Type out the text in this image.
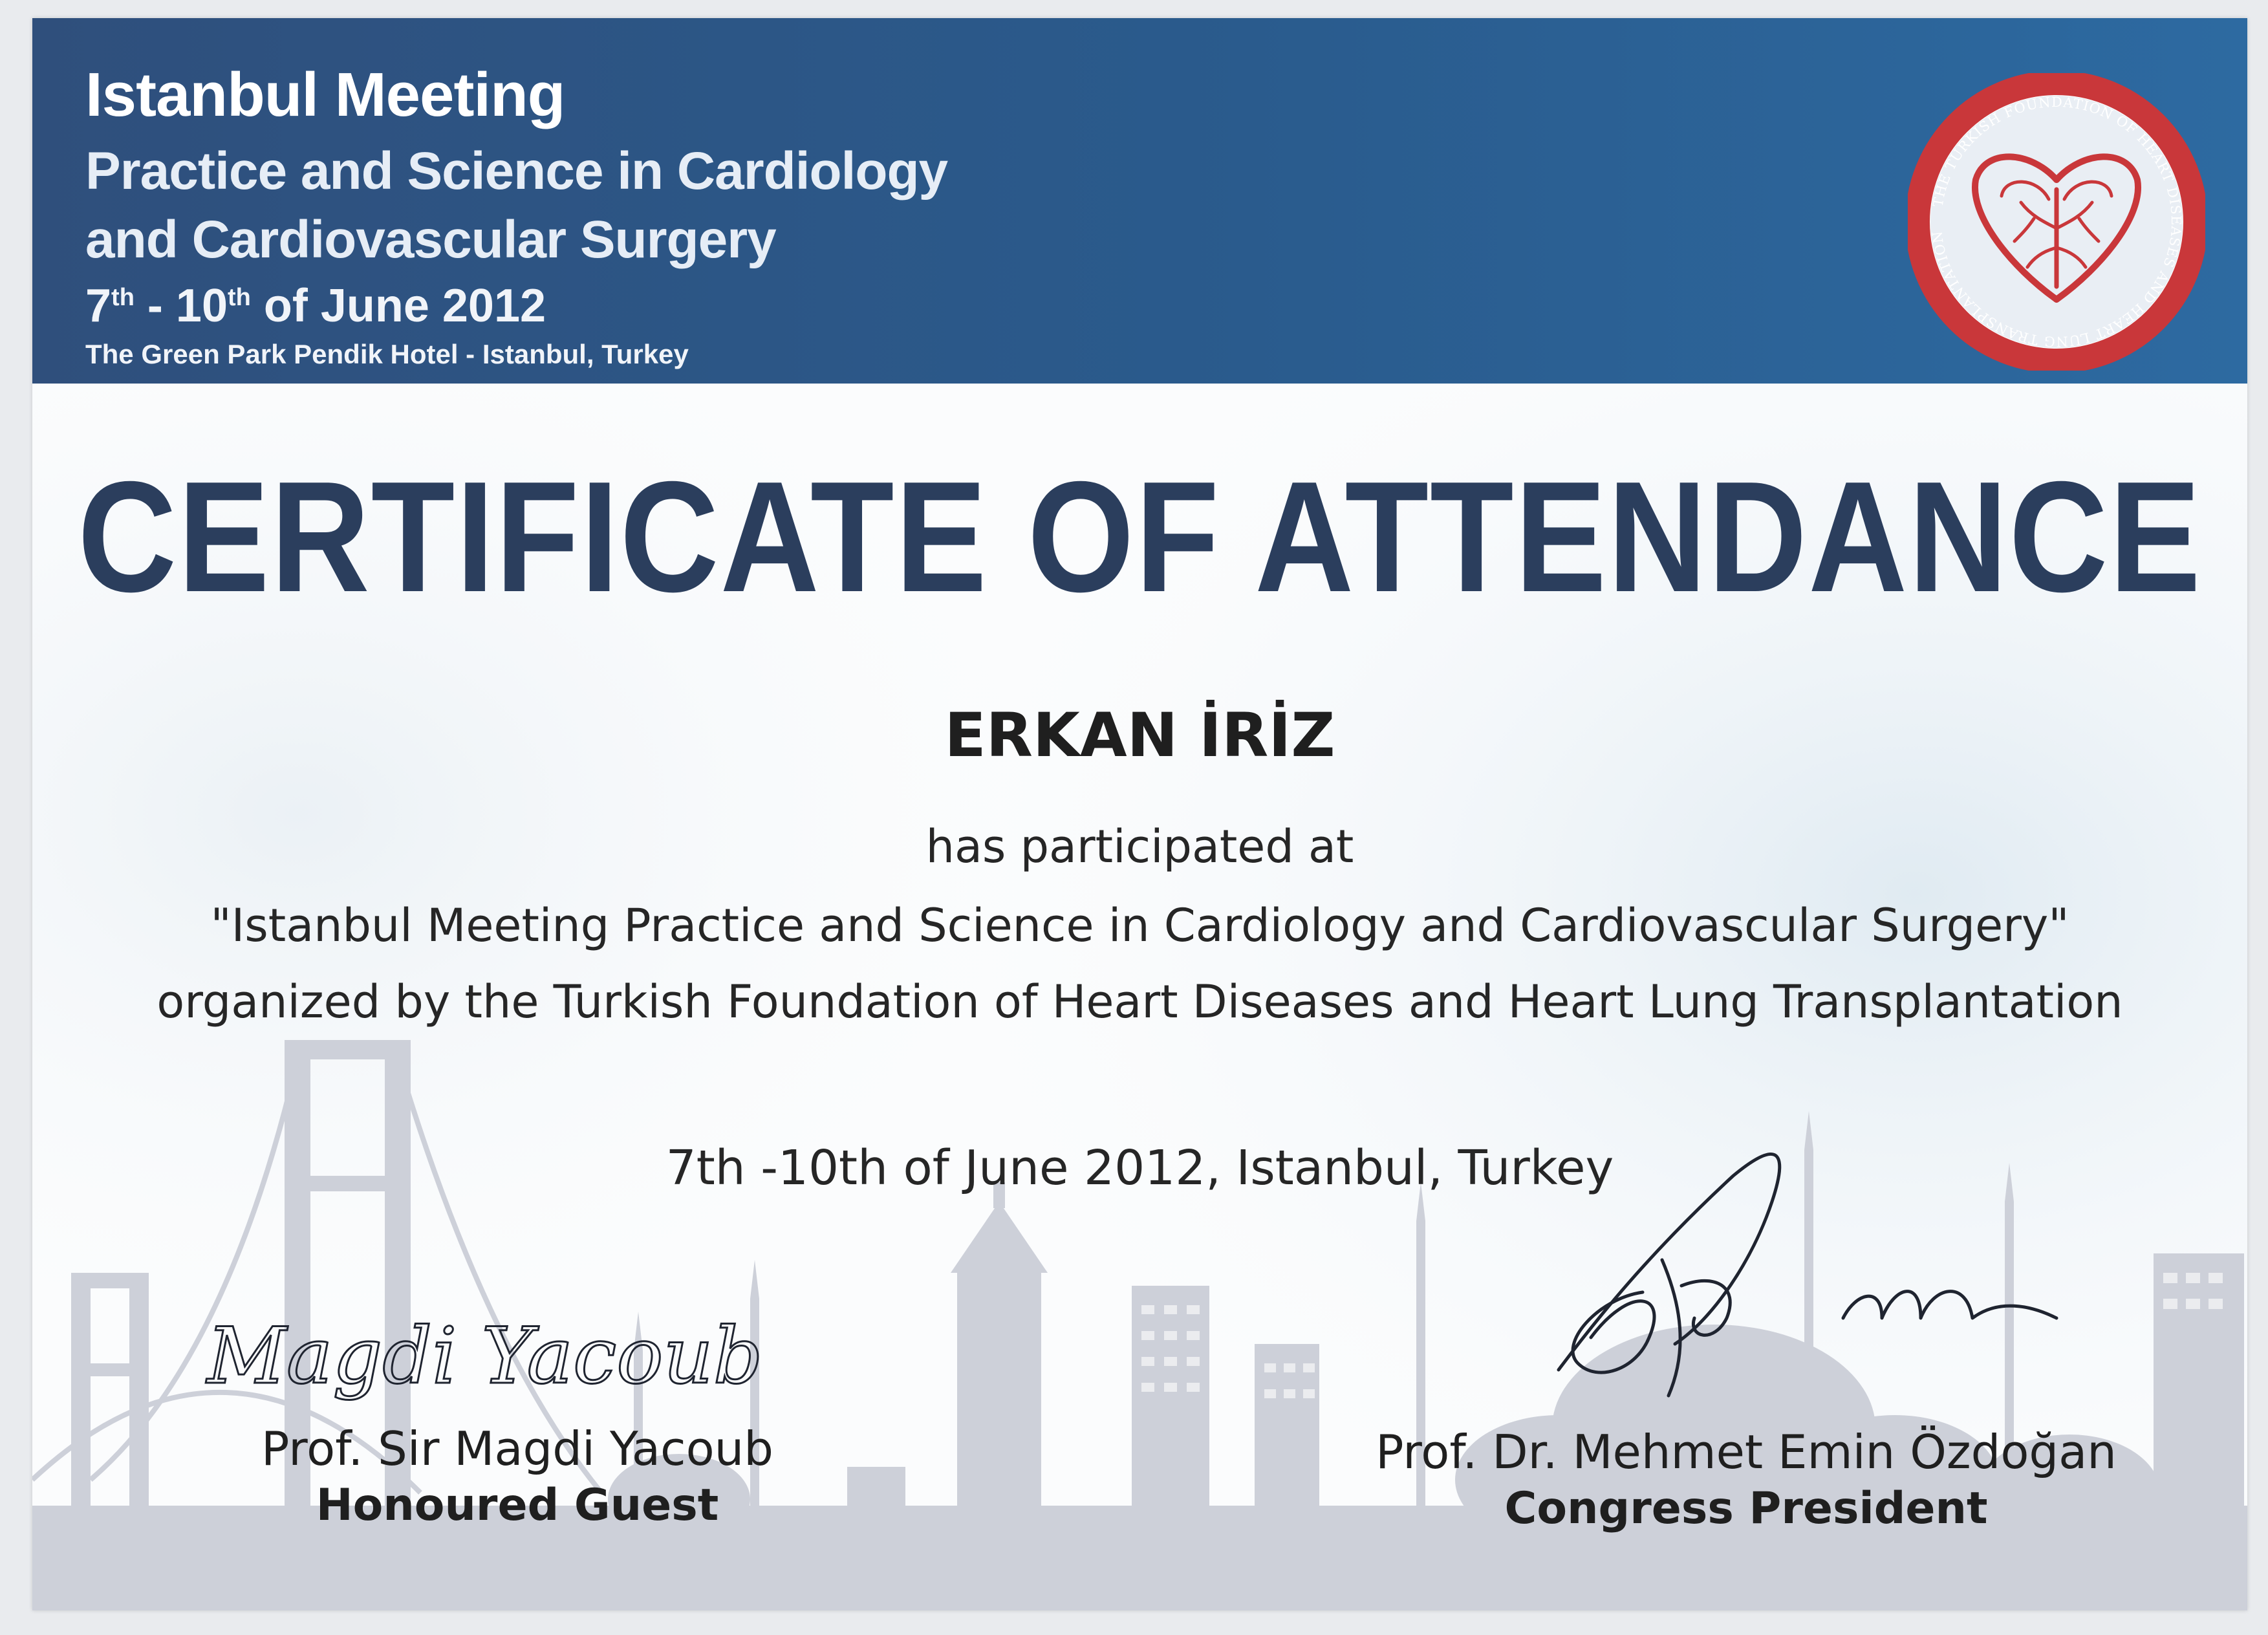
Istanbul Meeting
Practice and Science in Cardiology
and Cardiovascular Surgery
7th - 10th of June 2012
The Green Park Pendik Hotel - Istanbul, Turkey
THE TURKISH FOUNDATION OF HEART DISEASES AND HEART LUNG TRANSPLANTATION
CERTIFICATE OF ATTENDANCE
ERKAN İRİZ
has participated at
"Istanbul Meeting Practice and Science in Cardiology and Cardiovascular Surgery"
organized by the Turkish Foundation of Heart Diseases and Heart Lung Transplantation
7th -10th of June 2012, Istanbul, Turkey
Magdi Yacoub
Prof. Sir Magdi Yacoub
Honoured Guest
Prof. Dr. Mehmet Emin Özdoğan
Congress President
